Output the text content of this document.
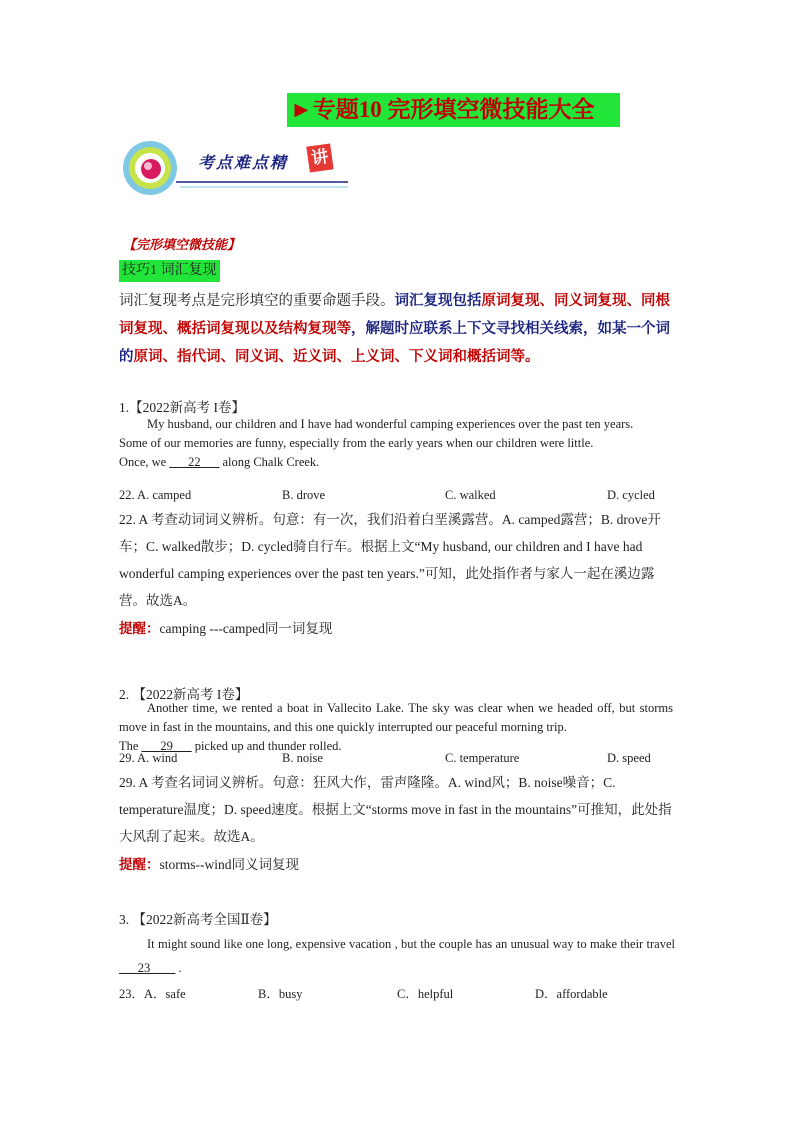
►专题10 完形填空微技能大全
考点难点精 讲
【完形填空微技能】
技巧1 词汇复现
词汇复现考点是完形填空的重要命题手段。词汇复现包括原词复现、同义词复现、同根词复现、概括词复现以及结构复现等，解题时应联系上下文寻找相关线索，如某一个词的原词、指代词、同义词、近义词、上义词、下义词和概括词等。
1.【2022新高考 I卷】
My husband, our children and I have had wonderful camping experiences over the past ten years.
Some of our memories are funny, especially from the early years when our children were little.
Once, we ___22___ along Chalk Creek.
22. A. camped	B. drove	C. walked	D. cycled
22. A 考查动词词义辨析。句意：有一次，我们沿着白垩溪露营。A. camped露营；B. drove开车；C. walked散步；D. cycled骑自行车。根据上文“My husband, our children and I have had wonderful camping experiences over the past ten years.”可知，此处指作者与家人一起在溪边露营。故选A。
提醒：camping ---camped同一词复现
2. 【2022新高考 I卷】
Another time, we rented a boat in Vallecito Lake. The sky was clear when we headed off, but storms move in fast in the mountains, and this one quickly interrupted our peaceful morning trip.
The ___29___ picked up and thunder rolled.
29. A. wind	B. noise	C. temperature	D. speed
29. A 考查名词词义辨析。句意：狂风大作，雷声隆隆。A. wind风；B. noise噪音；C. temperature温度；D. speed速度。根据上文“storms move in fast in the mountains”可推知，此处指大风刮了起来。故选A。
提醒：storms--wind同义词复现
3. 【2022新高考全国Ⅱ卷】
It might sound like one long, expensive vacation , but the couple has an unusual way to make their travel ___23____ .
23．A．safe	B．busy	C．helpful	D．affordable
